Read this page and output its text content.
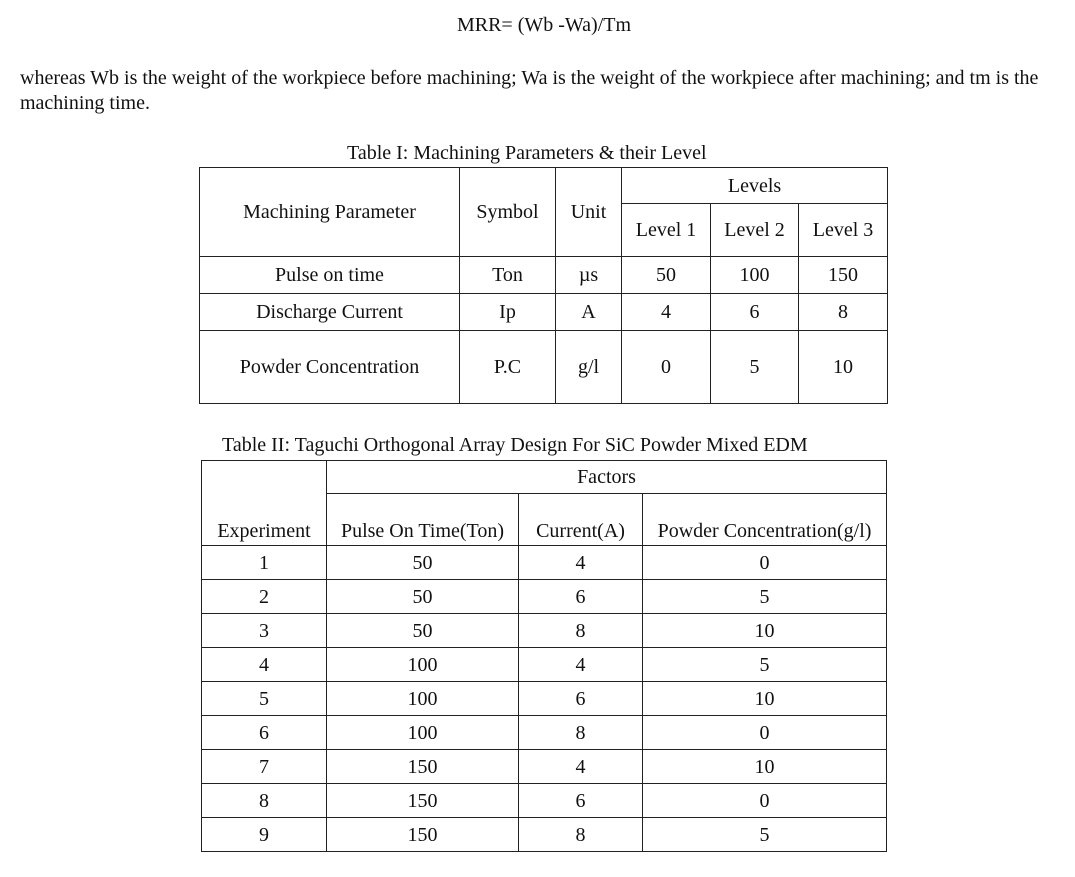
MRR= (Wb -Wa)/Tm

whereas Wb is the weight of the workpiece before machining; Wa is the weight of the workpiece after machining; and tm is the machining time.

Table I: Machining Parameters & their Level
Machining Parameter	Symbol	Unit	Levels		
			Level 1	Level 2	Level 3
Pulse on time	Ton	µs	50	100	150
Discharge Current	Ip	A	4	6	8
Powder Concentration	P.C	g/l	0	5	10
Table II: Taguchi Orthogonal Array Design For SiC Powder Mixed EDM
Experiment	Factors		
	Pulse On Time(Ton)	Current(A)	Powder Concentration(g/l)
1	50	4	0
2	50	6	5
3	50	8	10
4	100	4	5
5	100	6	10
6	100	8	0
7	150	4	10
8	150	6	0
9	150	8	5
